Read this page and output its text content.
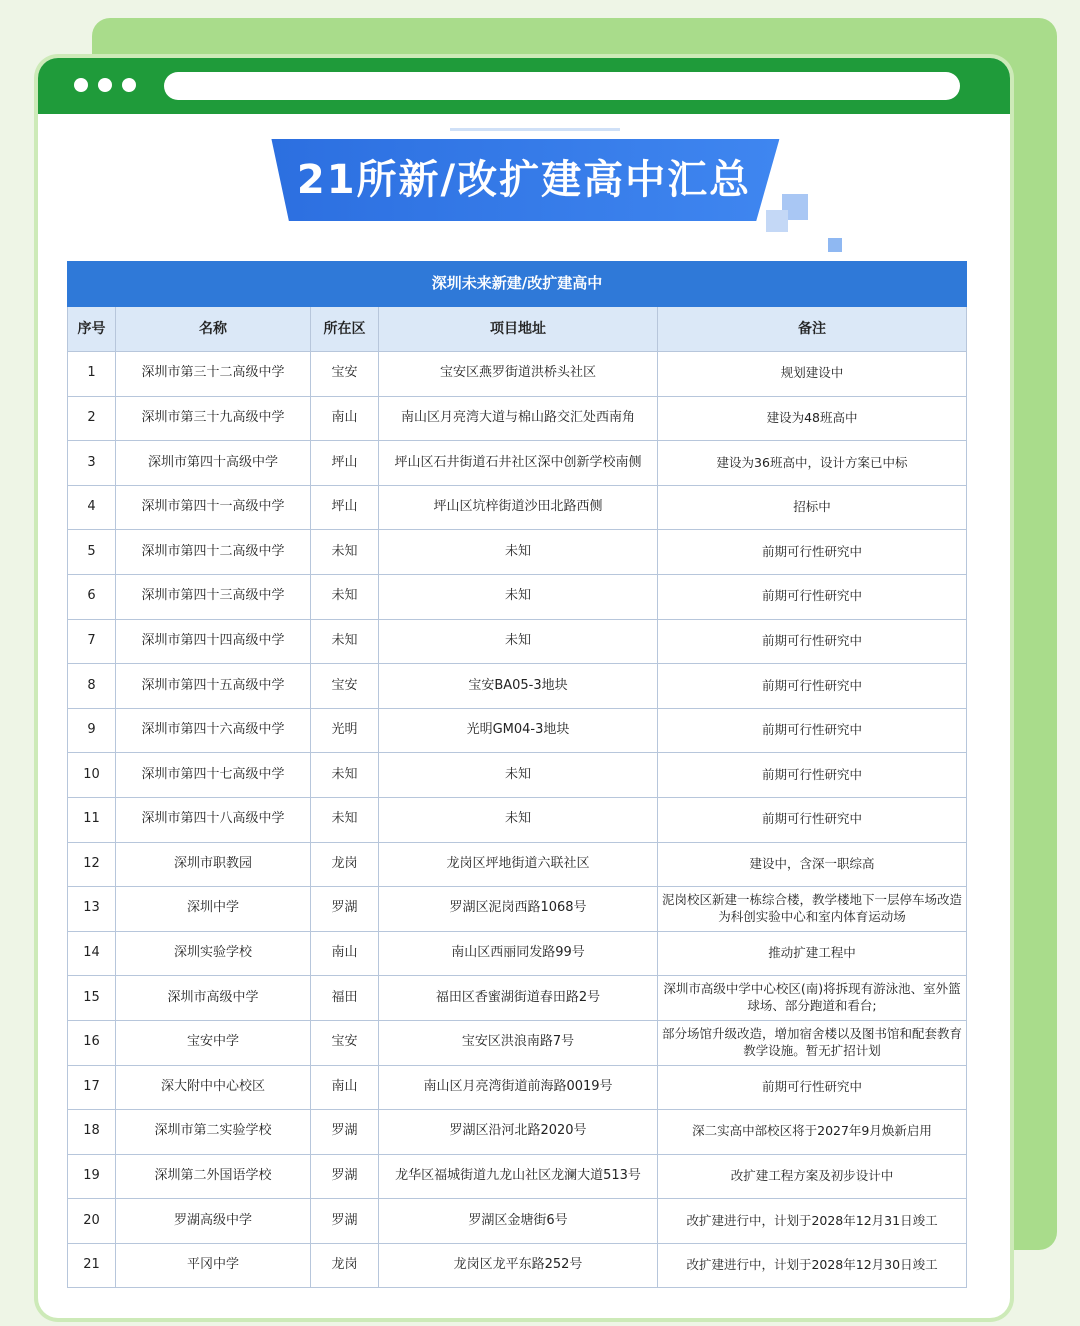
21所新/改扩建高中汇总
深圳未来新建/改扩建高中				
序号	名称	所在区	项目地址	备注
1	深圳市第三十二高级中学	宝安	宝安区燕罗街道洪桥头社区	规划建设中
2	深圳市第三十九高级中学	南山	南山区月亮湾大道与棉山路交汇处西南角	建设为48班高中
3	深圳市第四十高级中学	坪山	坪山区石井街道石井社区深中创新学校南侧	建设为36班高中，设计方案已中标
4	深圳市第四十一高级中学	坪山	坪山区坑梓街道沙田北路西侧	招标中
5	深圳市第四十二高级中学	未知	未知	前期可行性研究中
6	深圳市第四十三高级中学	未知	未知	前期可行性研究中
7	深圳市第四十四高级中学	未知	未知	前期可行性研究中
8	深圳市第四十五高级中学	宝安	宝安BA05-3地块	前期可行性研究中
9	深圳市第四十六高级中学	光明	光明GM04-3地块	前期可行性研究中
10	深圳市第四十七高级中学	未知	未知	前期可行性研究中
11	深圳市第四十八高级中学	未知	未知	前期可行性研究中
12	深圳市职教园	龙岗	龙岗区坪地街道六联社区	建设中，含深一职综高
13	深圳中学	罗湖	罗湖区泥岗西路1068号	泥岗校区新建一栋综合楼，教学楼地下一层停车场改造为科创实验中心和室内体育运动场
14	深圳实验学校	南山	南山区西丽同发路99号	推动扩建工程中
15	深圳市高级中学	福田	福田区香蜜湖街道春田路2号	深圳市高级中学中心校区(南)将拆现有游泳池、室外篮球场、部分跑道和看台;
16	宝安中学	宝安	宝安区洪浪南路7号	部分场馆升级改造，增加宿舍楼以及图书馆和配套教育教学设施。暂无扩招计划
17	深大附中中心校区	南山	南山区月亮湾街道前海路0019号	前期可行性研究中
18	深圳市第二实验学校	罗湖	罗湖区沿河北路2020号	深二实高中部校区将于2027年9月焕新启用
19	深圳第二外国语学校	罗湖	龙华区福城街道九龙山社区龙澜大道513号	改扩建工程方案及初步设计中
20	罗湖高级中学	罗湖	罗湖区金塘街6号	改扩建进行中，计划于2028年12月31日竣工
21	平冈中学	龙岗	龙岗区龙平东路252号	改扩建进行中，计划于2028年12月30日竣工
